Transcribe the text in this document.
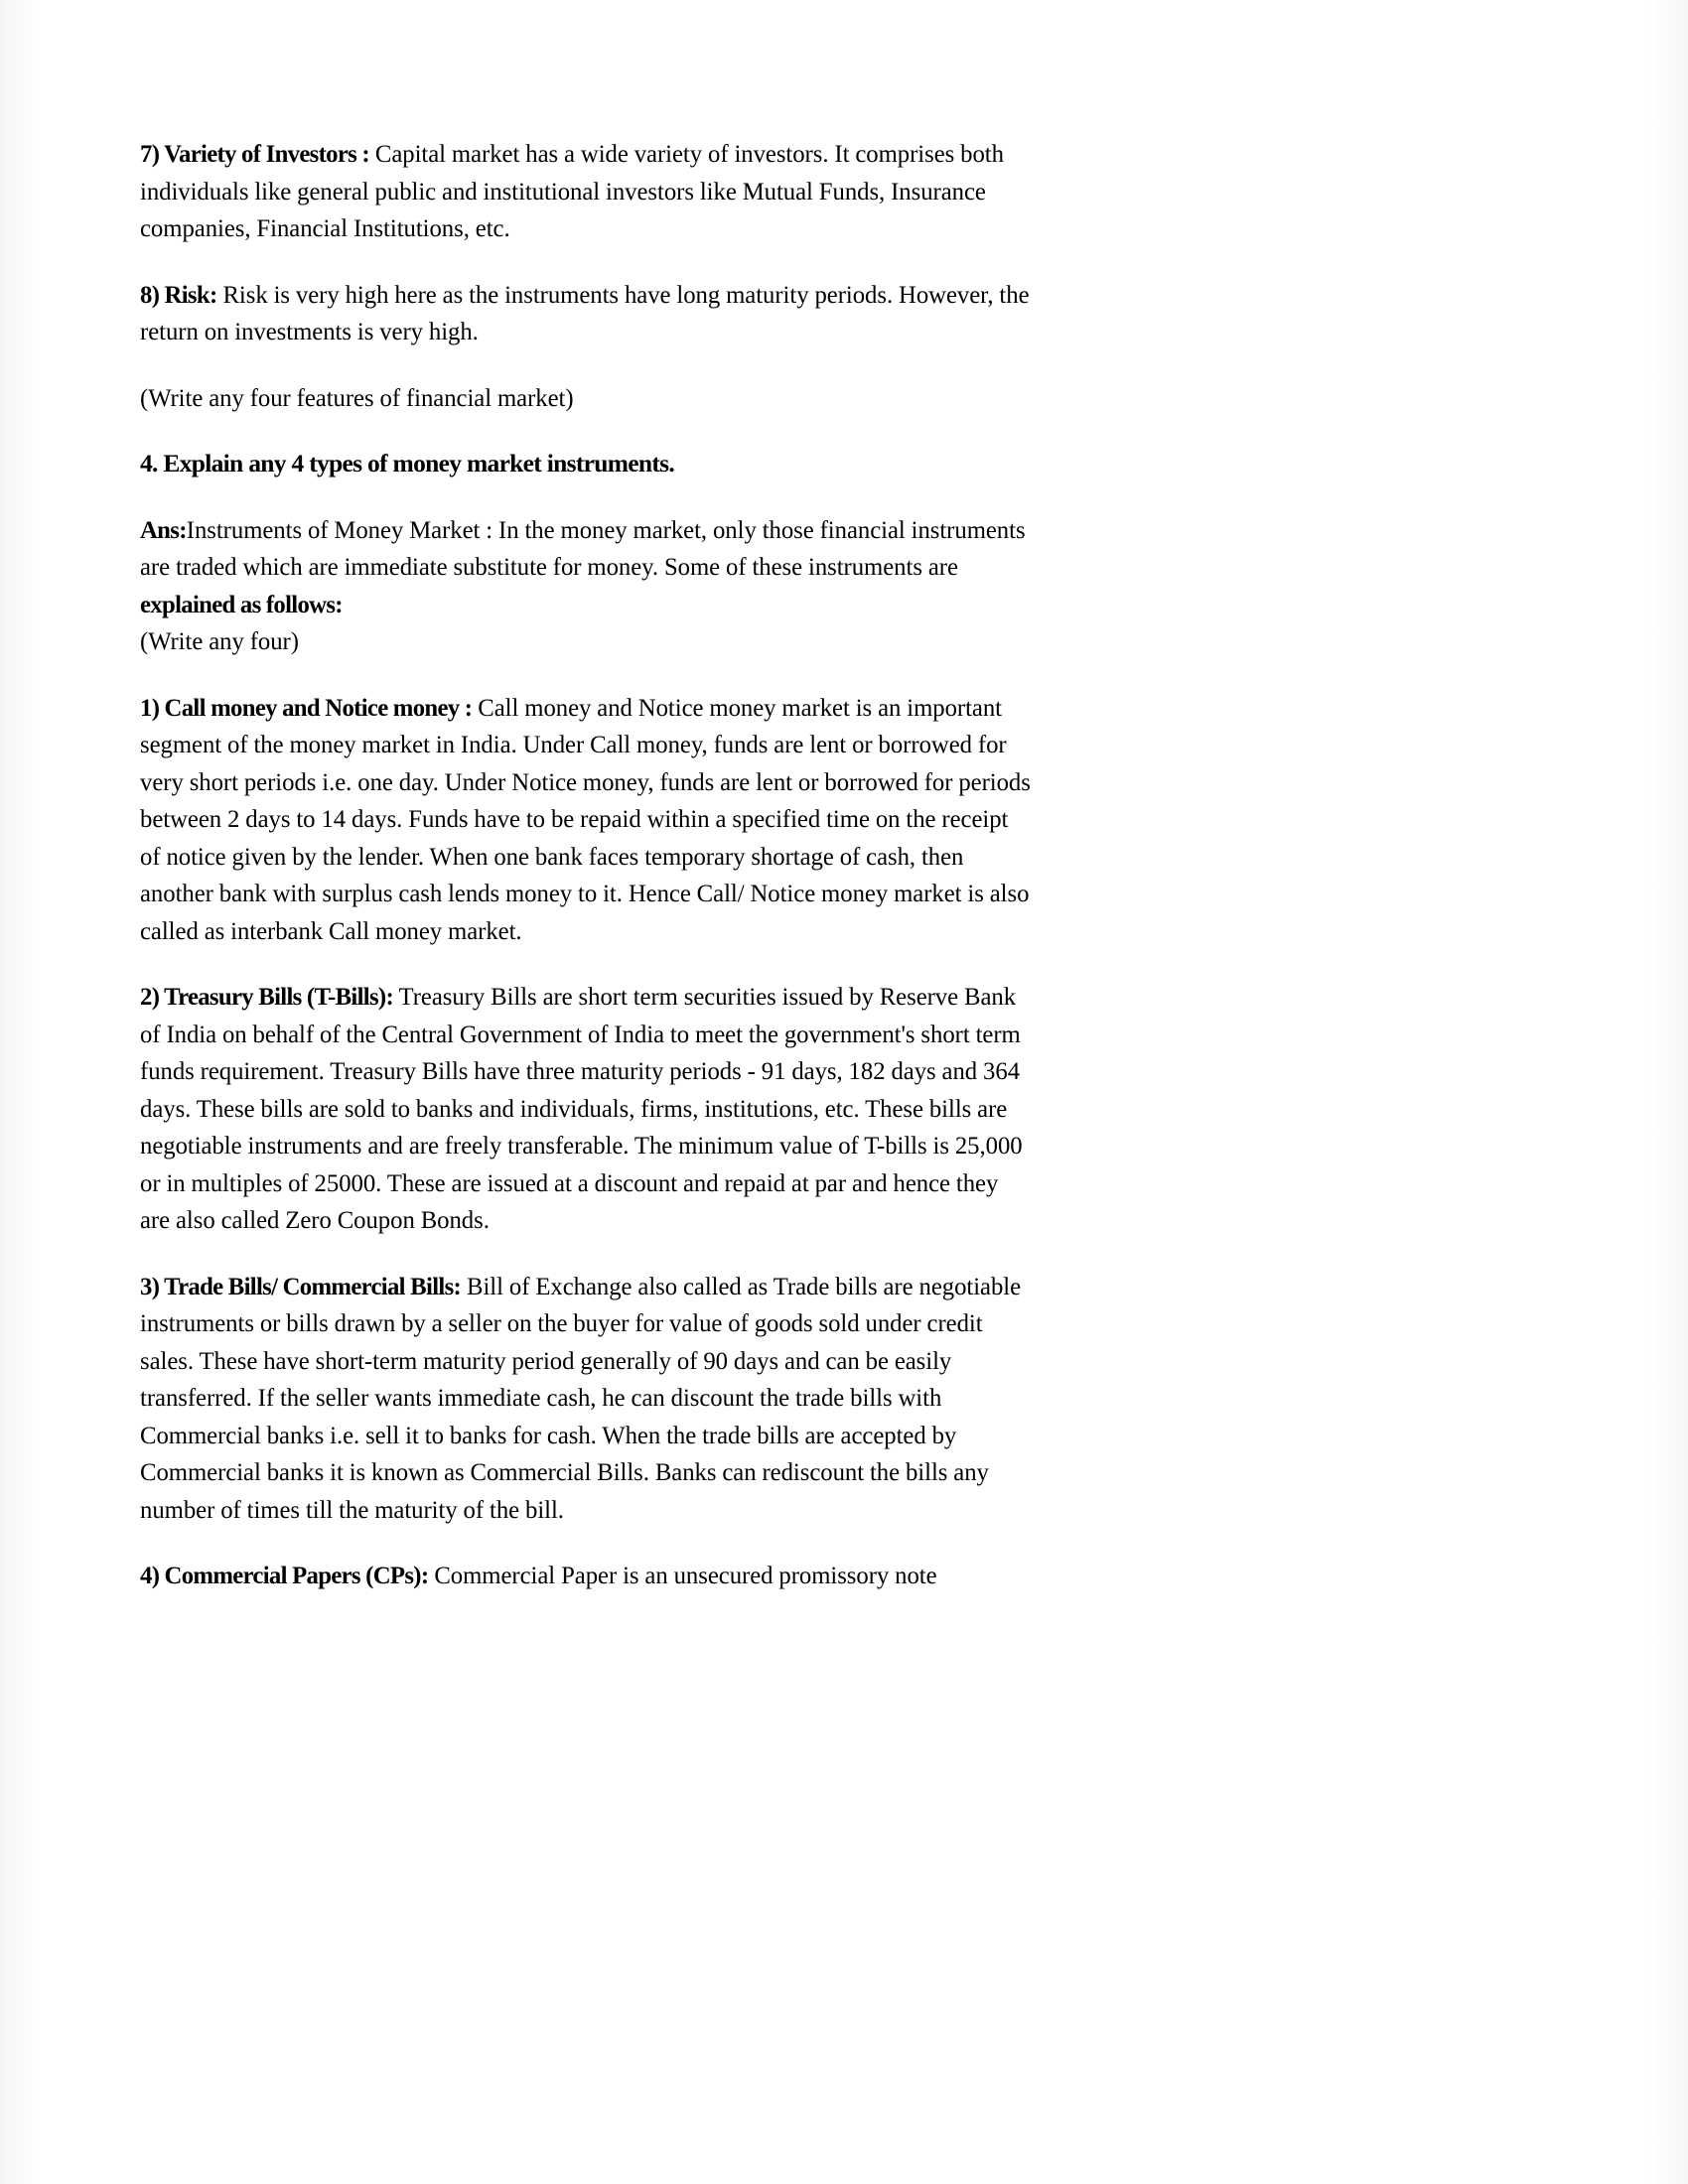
7) Variety of Investors : Capital market has a wide variety of investors. It comprises both individuals like general public and institutional investors like Mutual Funds, Insurance companies, Financial Institutions, etc.

8) Risk: Risk is very high here as the instruments have long maturity periods. However, the return on investments is very high.

(Write any four features of financial market)

4. Explain any 4 types of money market instruments.

Ans:Instruments of Money Market : In the money market, only those financial instruments are traded which are immediate substitute for money. Some of these instruments are explained as follows:

(Write any four)

1) Call money and Notice money : Call money and Notice money market is an important segment of the money market in India. Under Call money, funds are lent or borrowed for very short periods i.e. one day. Under Notice money, funds are lent or borrowed for periods between 2 days to 14 days. Funds have to be repaid within a specified time on the receipt of notice given by the lender. When one bank faces temporary shortage of cash, then another bank with surplus cash lends money to it. Hence Call/ Notice money market is also called as interbank Call money market.

2) Treasury Bills (T-Bills): Treasury Bills are short term securities issued by Reserve Bank of India on behalf of the Central Government of India to meet the government's short term funds requirement. Treasury Bills have three maturity periods - 91 days, 182 days and 364 days. These bills are sold to banks and individuals, firms, institutions, etc. These bills are negotiable instruments and are freely transferable. The minimum value of T-bills is 25,000 or in multiples of 25000. These are issued at a discount and repaid at par and hence they are also called Zero Coupon Bonds.

3) Trade Bills/ Commercial Bills: Bill of Exchange also called as Trade bills are negotiable instruments or bills drawn by a seller on the buyer for value of goods sold under credit sales. These have short-term maturity period generally of 90 days and can be easily transferred. If the seller wants immediate cash, he can discount the trade bills with Commercial banks i.e. sell it to banks for cash. When the trade bills are accepted by Commercial banks it is known as Commercial Bills. Banks can rediscount the bills any number of times till the maturity of the bill.

4) Commercial Papers (CPs): Commercial Paper is an unsecured promissory note
